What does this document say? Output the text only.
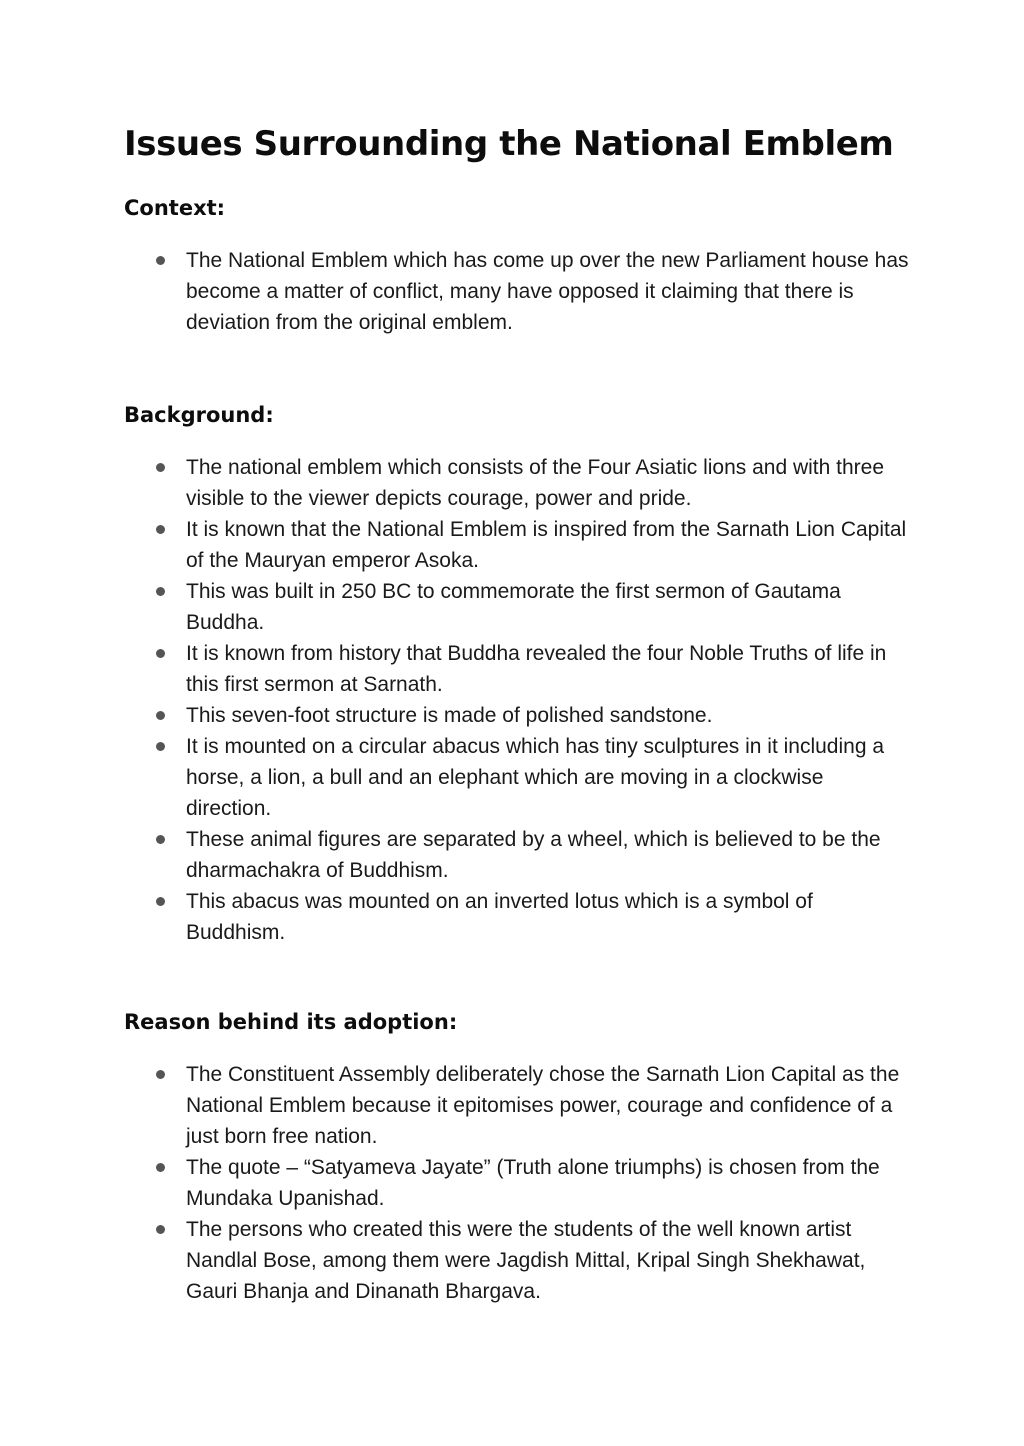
Issues Surrounding the National Emblem
Context:
The National Emblem which has come up over the new Parliament house has become a matter of conflict, many have opposed it claiming that there is deviation from the original emblem.
Background:
The national emblem which consists of the Four Asiatic lions and with three visible to the viewer depicts courage, power and pride.
It is known that the National Emblem is inspired from the Sarnath Lion Capital of the Mauryan emperor Asoka.
This was built in 250 BC to commemorate the first sermon of Gautama Buddha.
It is known from history that Buddha revealed the four Noble Truths of life in this first sermon at Sarnath.
This seven-foot structure is made of polished sandstone.
It is mounted on a circular abacus which has tiny sculptures in it including a horse, a lion, a bull and an elephant which are moving in a clockwise direction.
These animal figures are separated by a wheel, which is believed to be the dharmachakra of Buddhism.
This abacus was mounted on an inverted lotus which is a symbol of Buddhism.
Reason behind its adoption:
The Constituent Assembly deliberately chose the Sarnath Lion Capital as the National Emblem because it epitomises power, courage and confidence of a just born free nation.
The quote – “Satyameva Jayate” (Truth alone triumphs) is chosen from the Mundaka Upanishad.
The persons who created this were the students of the well known artist Nandlal Bose, among them were Jagdish Mittal, Kripal Singh Shekhawat, Gauri Bhanja and Dinanath Bhargava.
